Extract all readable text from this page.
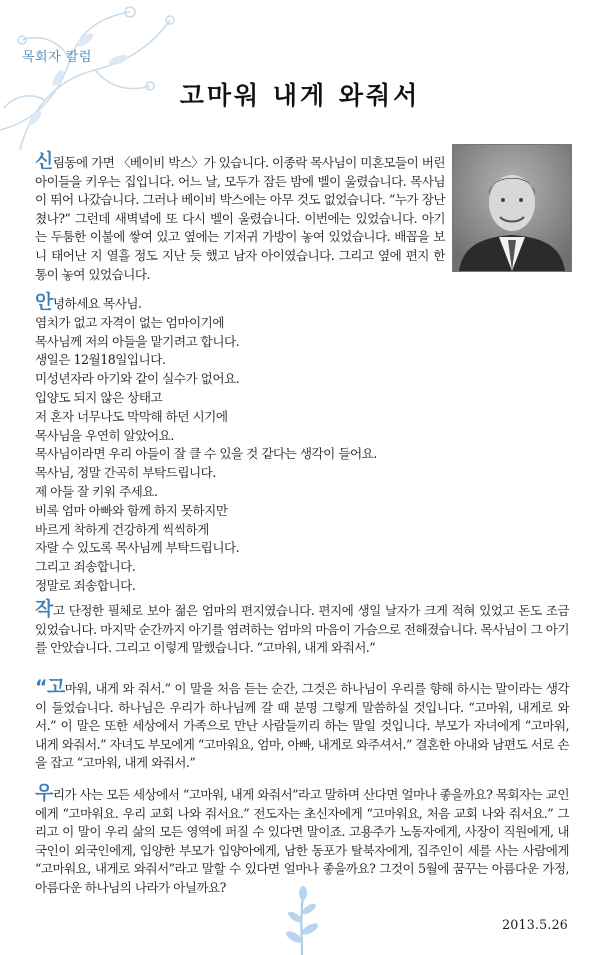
목회자 칼럼
고마워 내게 와줘서

신림동에 가면 〈베이비 박스〉가 있습니다. 이종락 목사님이 미혼모들이 버린 아이들을 키우는 집입니다. 어느 날, 모두가 잠든 밤에 벨이 울렸습니다. 목사님이 뛰어 나갔습니다. 그러나 베이비 박스에는 아무 것도 없었습니다. “누가 장난쳤나?” 그런데 새벽녘에 또 다시 벨이 울렸습니다. 이번에는 있었습니다. 아기는 두툼한 이불에 쌓여 있고 옆에는 기저귀 가방이 놓여 있었습니다. 배꼽을 보니 태어난 지 열흘 정도 지난 듯 했고 남자 아이였습니다. 그리고 옆에 편지 한 통이 놓여 있었습니다.

안녕하세요 목사님.
염치가 없고 자격이 없는 엄마이기에
목사님께 저의 아들을 맡기려고 합니다.
생일은 12월18일입니다.
미성년자라 아기와 같이 실수가 없어요.
입양도 되지 않은 상태고
저 혼자 너무나도 막막해 하던 시기에
목사님을 우연히 알았어요.
목사님이라면 우리 아들이 잘 클 수 있을 것 같다는 생각이 들어요.
목사님, 정말 간곡히 부탁드립니다.
제 아들 잘 키워 주세요.
비록 엄마 아빠와 함께 하지 못하지만
바르게 착하게 건강하게 씩씩하게
자랄 수 있도록 목사님께 부탁드립니다.
그리고 죄송합니다.
정말로 죄송합니다.

작고 단정한 필체로 보아 젊은 엄마의 편지였습니다. 편지에 생일 날자가 크게 적혀 있었고 돈도 조금 있었습니다. 마지막 순간까지 아기를 염려하는 엄마의 마음이 가슴으로 전해졌습니다. 목사님이 그 아기를 안았습니다. 그리고 이렇게 말했습니다. “고마워, 내게 와줘서.”

“고마워, 내게 와 줘서.” 이 말을 처음 듣는 순간, 그것은 하나님이 우리를 향해 하시는 말이라는 생각이 들었습니다. 하나님은 우리가 하나님께 갈 때 분명 그렇게 말씀하실 것입니다. “고마워, 내게로 와서.” 이 말은 또한 세상에서 가족으로 만난 사람들끼리 하는 말일 것입니다. 부모가 자녀에게 “고마워, 내게 와줘서.” 자녀도 부모에게 “고마워요, 엄마, 아빠, 내게로 와주셔서.” 결혼한 아내와 남편도 서로 손을 잡고 “고마워, 내게 와줘서.”

우리가 사는 모든 세상에서 “고마워, 내게 와줘서”라고 말하며 산다면 얼마나 좋을까요? 목회자는 교인에게 “고마워요. 우리 교회 나와 줘서요.” 전도자는 초신자에게 “고마워요, 처음 교회 나와 줘서요.” 그리고 이 말이 우리 삶의 모든 영역에 퍼질 수 있다면 말이죠. 고용주가 노동자에게, 사장이 직원에게, 내국인이 외국인에게, 입양한 부모가 입양아에게, 남한 동포가 탈북자에게, 집주인이 세를 사는 사람에게 “고마워요, 내게로 와줘서”라고 말할 수 있다면 얼마나 좋을까요? 그것이 5월에 꿈꾸는 아름다운 가정, 아름다운 하나님의 나라가 아닐까요?

2013.5.26
